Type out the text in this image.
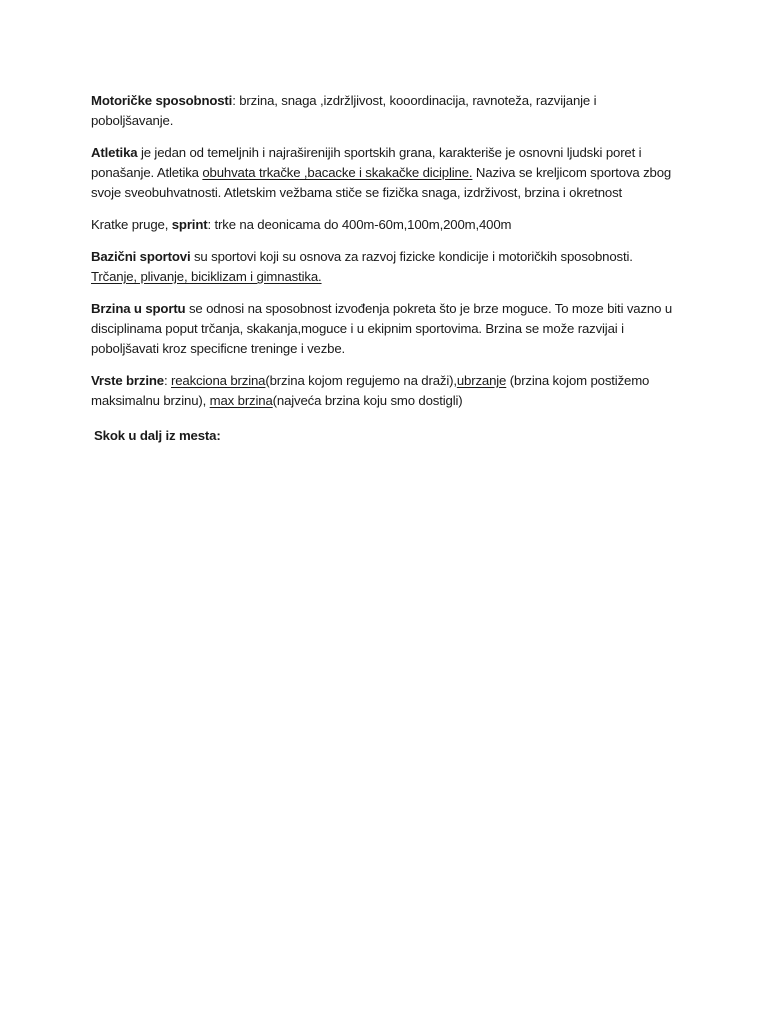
Motoričke sposobnosti: brzina, snaga ,izdržljivost, kooordinacija, ravnoteža, razvijanje i poboljšavanje.

Atletika je jedan od temeljnih i najraširenijih sportskih grana, karakteriše je osnovni ljudski poret i ponašanje. Atletika obuhvata trkačke ,bacacke i skakačke dicipline. Naziva se kreljicom sportova zbog svoje sveobuhvatnosti. Atletskim vežbama stiče se fizička snaga, izdrživost, brzina i okretnost

Kratke pruge, sprint: trke na deonicama do 400m-60m,100m,200m,400m

Bazični sportovi su sportovi koji su osnova za razvoj fizicke kondicije i motoričkih sposobnosti. Trčanje, plivanje, biciklizam i gimnastika.

Brzina u sportu se odnosi na sposobnost izvođenja pokreta što je brze moguce. To moze biti vazno u disciplinama poput trčanja, skakanja,moguce i u ekipnim sportovima. Brzina se može razvijai i poboljšavati kroz specificne treninge i vezbe.

Vrste brzine: reakciona brzina(brzina kojom regujemo na draži),ubrzanje (brzina kojom postižemo maksimalnu brzinu), max brzina(najveća brzina koju smo dostigli)

Skok u dalj iz mesta:
